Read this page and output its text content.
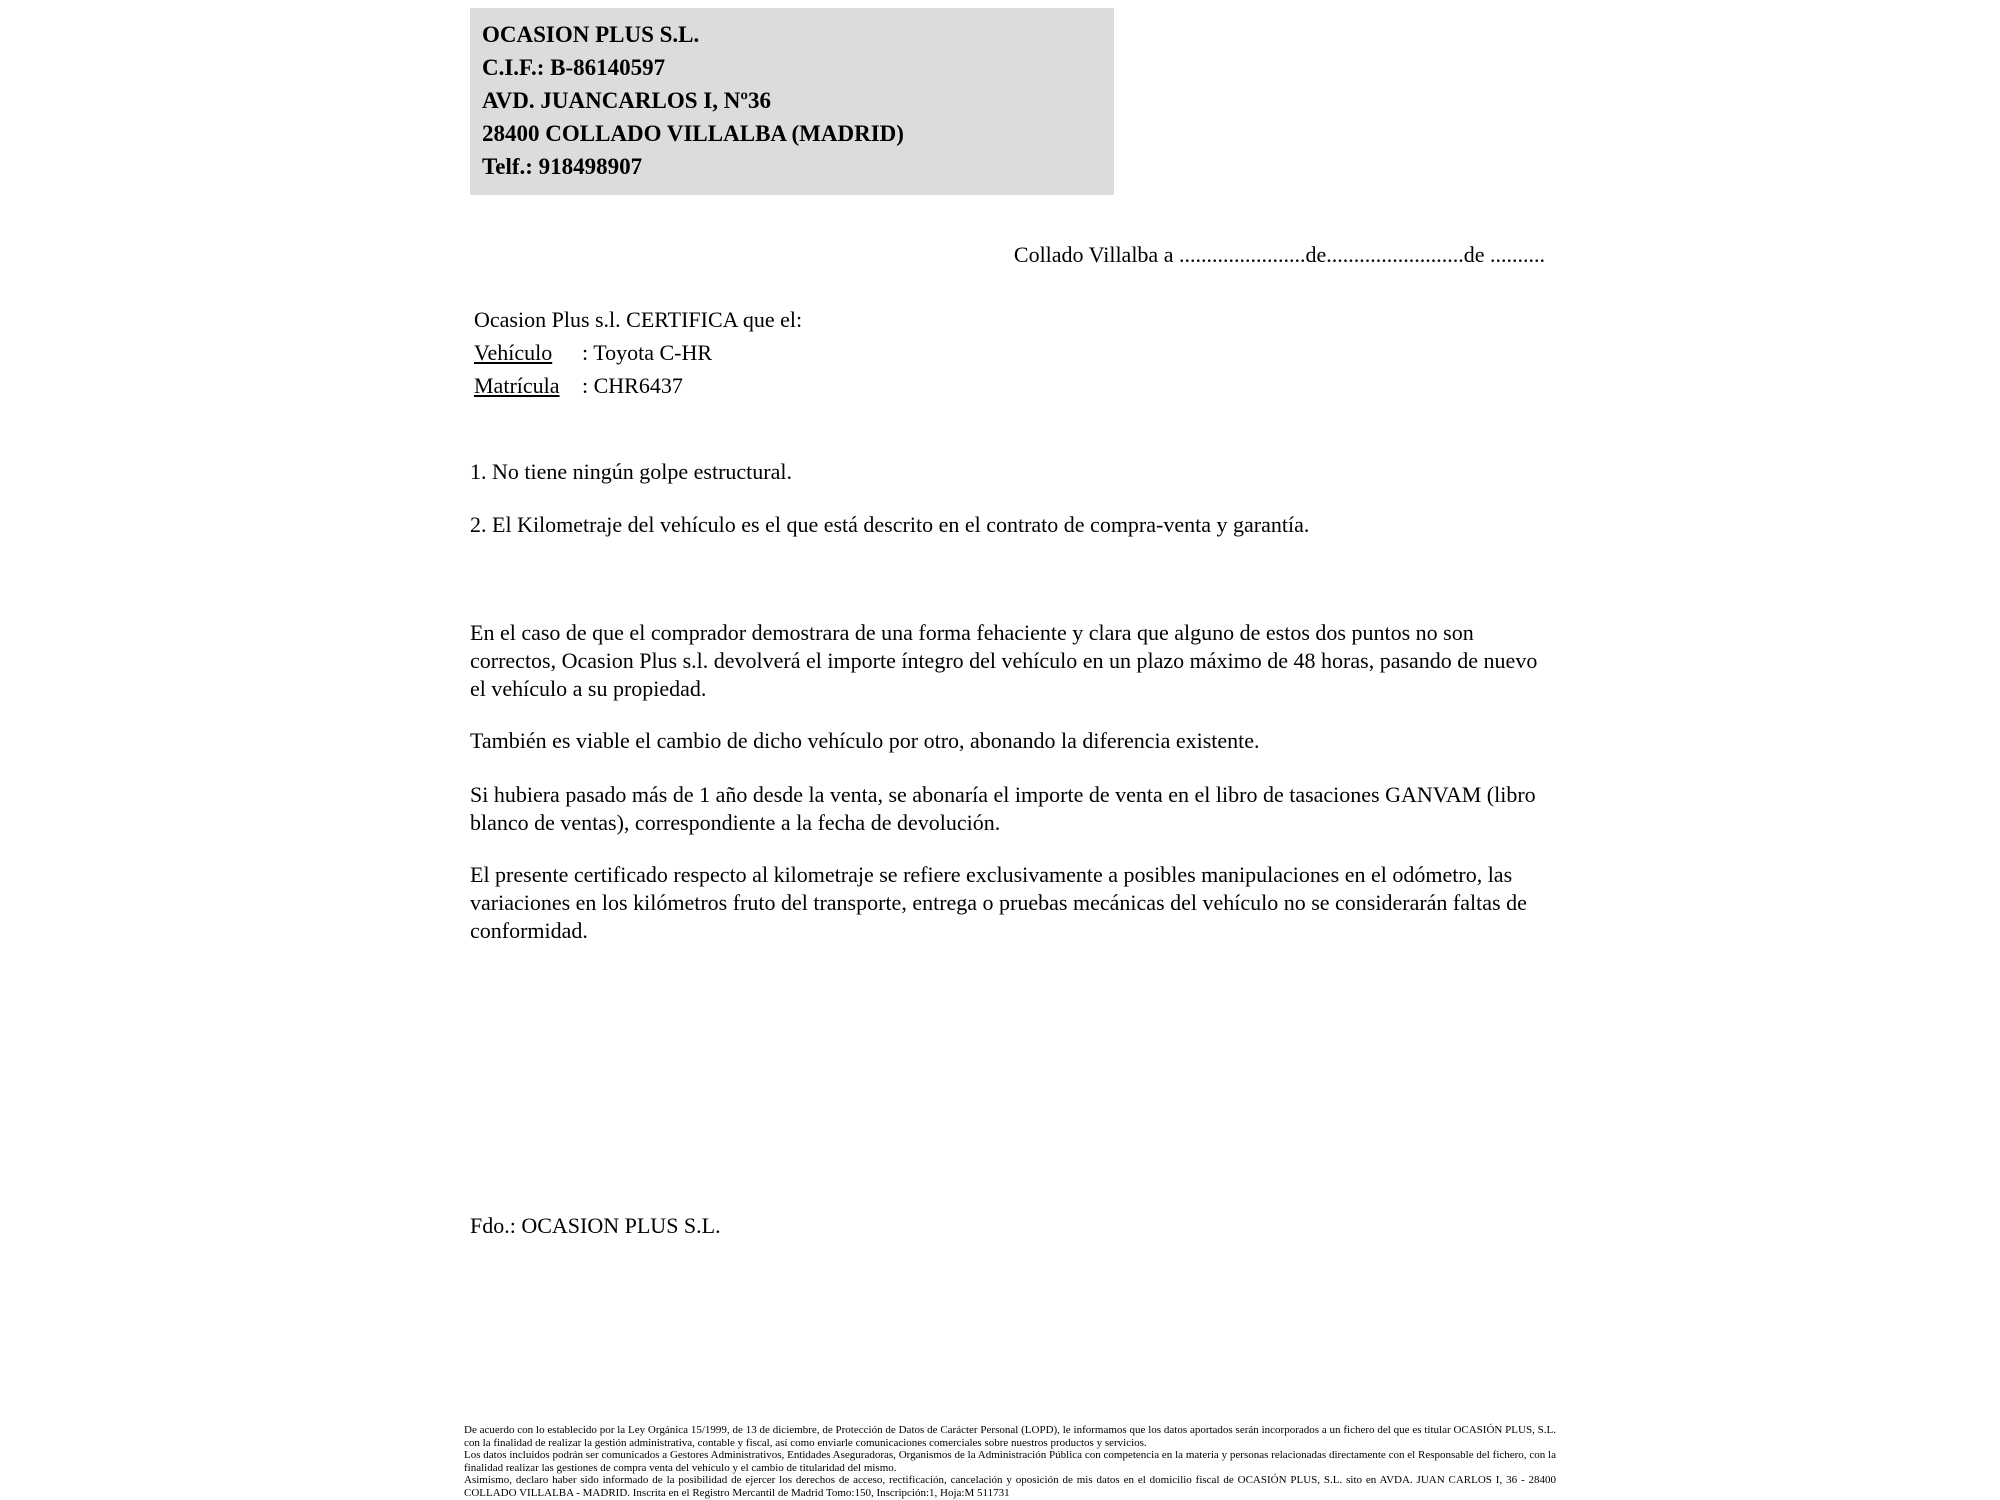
OCASION PLUS S.L.
C.I.F.: B-86140597
AVD. JUANCARLOS I, Nº36
28400 COLLADO VILLALBA (MADRID)
Telf.: 918498907
Collado Villalba a .......................de.........................de ..........
Ocasion Plus s.l. CERTIFICA que el:
Vehículo : Toyota C-HR
Matrícula : CHR6437
1. No tiene ningún golpe estructural.
2. El Kilometraje del vehículo es el que está descrito en el contrato de compra-venta y garantía.
En el caso de que el comprador demostrara de una forma fehaciente y clara que alguno de estos dos puntos no son correctos, Ocasion Plus s.l. devolverá el importe íntegro del vehículo en un plazo máximo de 48 horas, pasando de nuevo el vehículo a su propiedad.
También es viable el cambio de dicho vehículo por otro, abonando la diferencia existente.
Si hubiera pasado más de 1 año desde la venta, se abonaría el importe de venta en el libro de tasaciones GANVAM (libro blanco de ventas), correspondiente a la fecha de devolución.
El presente certificado respecto al kilometraje se refiere exclusivamente a posibles manipulaciones en el odómetro, las variaciones en los kilómetros fruto del transporte, entrega o pruebas mecánicas del vehículo no se considerarán faltas de conformidad.
Fdo.: OCASION PLUS S.L.
De acuerdo con lo establecido por la Ley Orgánica 15/1999, de 13 de diciembre, de Protección de Datos de Carácter Personal (LOPD), le informamos que los datos aportados serán incorporados a un fichero del que es titular OCASIÓN PLUS, S.L. con la finalidad de realizar la gestión administrativa, contable y fiscal, así como enviarle comunicaciones comerciales sobre nuestros productos y servicios.
Los datos incluidos podrán ser comunicados a Gestores Administrativos, Entidades Aseguradoras, Organismos de la Administración Pública con competencia en la materia y personas relacionadas directamente con el Responsable del fichero, con la finalidad realizar las gestiones de compra venta del vehículo y el cambio de titularidad del mismo.
Asimismo, declaro haber sido informado de la posibilidad de ejercer los derechos de acceso, rectificación, cancelación y oposición de mis datos en el domicilio fiscal de OCASIÓN PLUS, S.L. sito en AVDA. JUAN CARLOS I, 36 - 28400 COLLADO VILLALBA - MADRID. Inscrita en el Registro Mercantil de Madrid Tomo:150, Inscripción:1, Hoja:M 511731
